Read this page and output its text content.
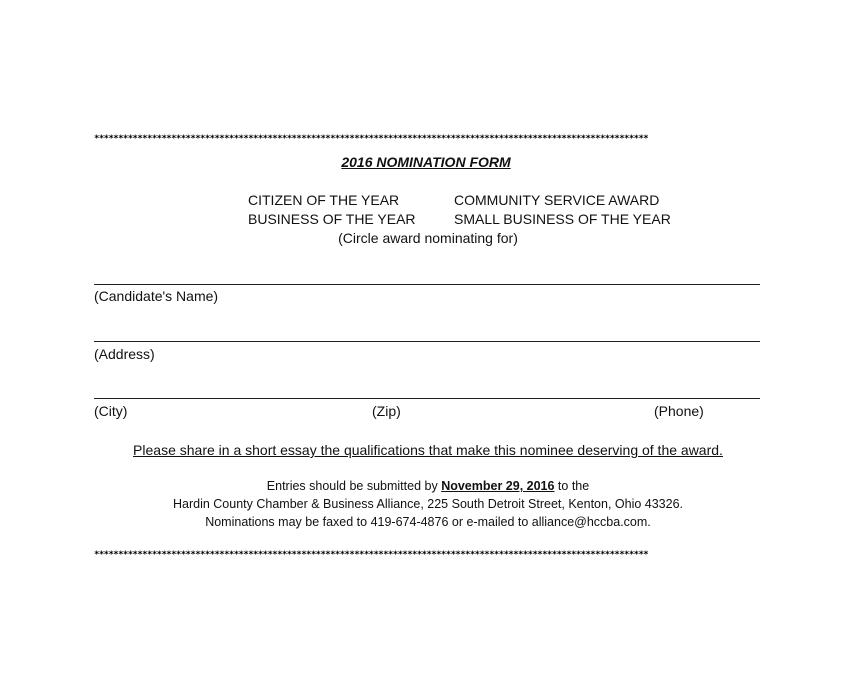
*******************************************************************************************************************
2016 NOMINATION FORM
CITIZEN OF THE YEAR	COMMUNITY SERVICE AWARD
BUSINESS OF THE YEAR	SMALL BUSINESS OF THE YEAR
(Circle award nominating for)
(Candidate's Name)
(Address)
(City)	(Zip)	(Phone)
Please share in a short essay the qualifications that make this nominee deserving of the award.
Entries should be submitted by November 29, 2016 to the
Hardin County Chamber & Business Alliance, 225 South Detroit Street, Kenton, Ohio 43326.
Nominations may be faxed to 419-674-4876 or e-mailed to alliance@hccba.com.
*******************************************************************************************************************
